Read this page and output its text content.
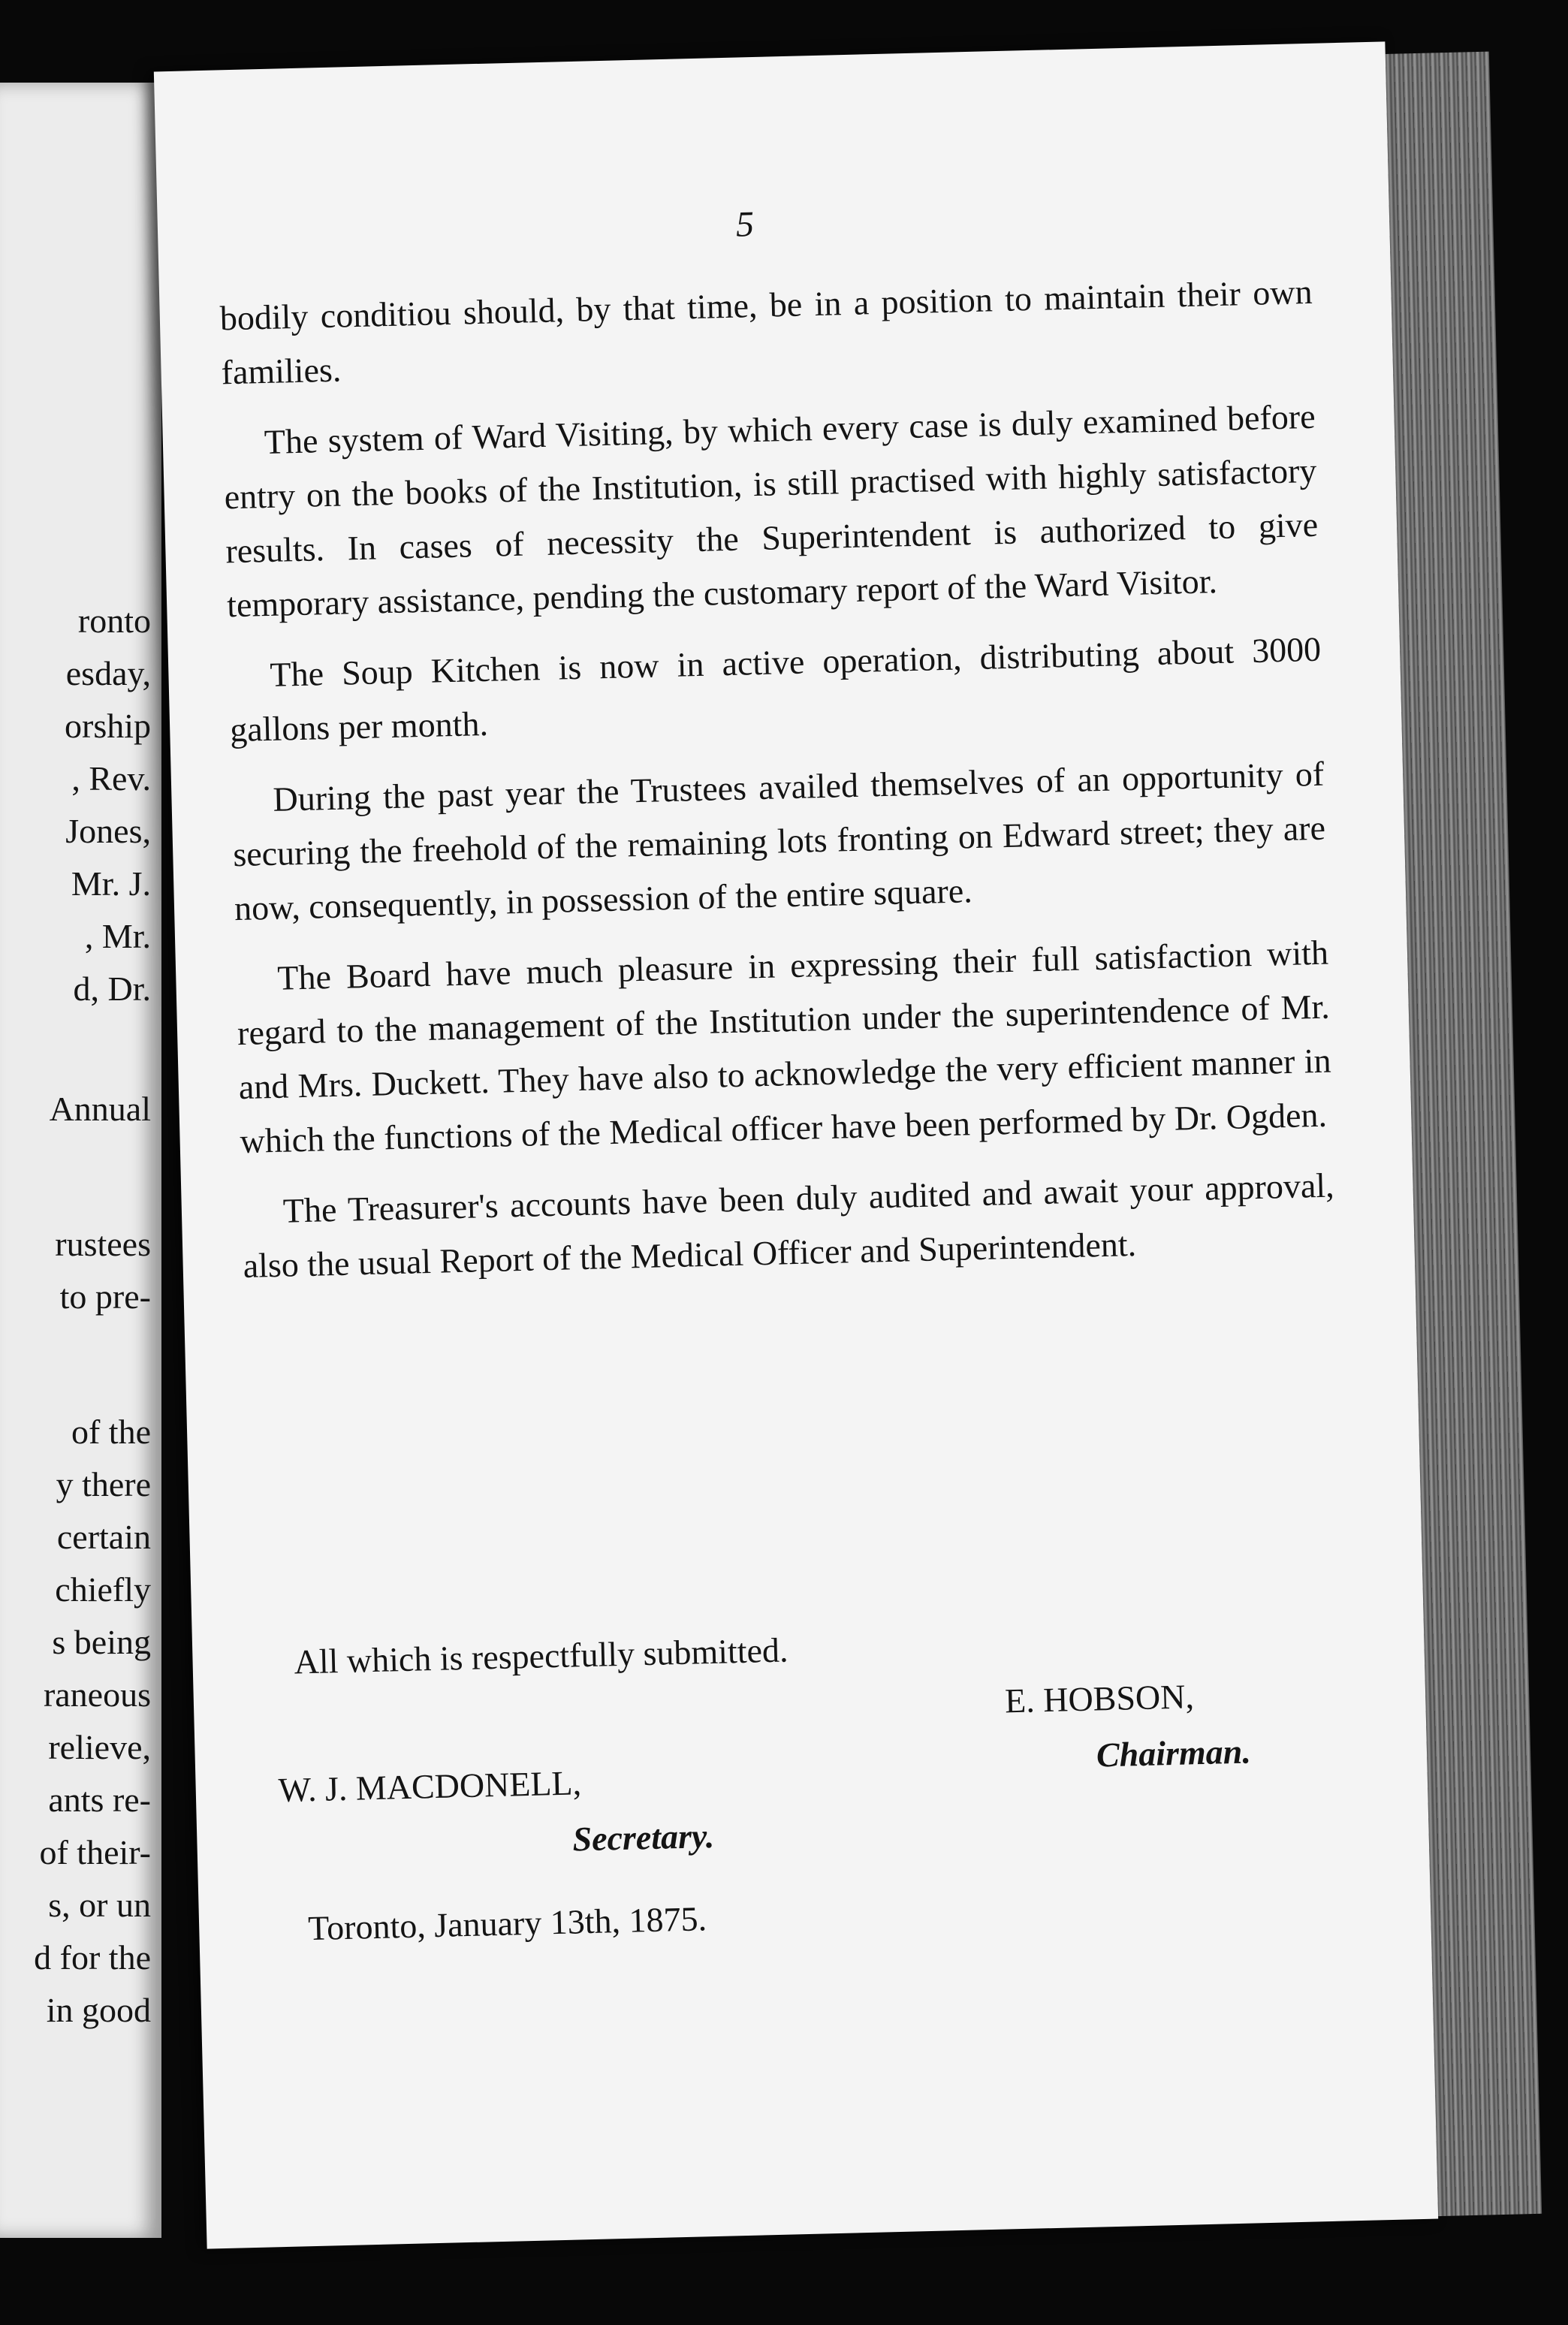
ronto

esday,

orship

, Rev.

Jones,

Mr. J.

, Mr.

d, Dr.

Annual

rustees

to pre-

of the

y there

certain

chiefly

s being

raneous

relieve,

ants re-

of their-

s, or un

d for the

in good

5

bodily conditiou should, by that time, be in a position to maintain their own families.

The system of Ward Visiting, by which every case is duly examined before entry on the books of the Institution, is still practised with highly satisfactory results. In cases of necessity the Superintendent is authorized to give temporary assistance, pending the customary report of the Ward Visitor.

The Soup Kitchen is now in active operation, distributing about 3000 gallons per month.

During the past year the Trustees availed themselves of an opportunity of securing the freehold of the remaining lots fronting on Edward street; they are now, consequently, in possession of the entire square.

The Board have much pleasure in expressing their full satisfaction with regard to the management of the Institution under the superintendence of Mr. and Mrs. Duckett. They have also to acknowledge the very efficient manner in which the functions of the Medical officer have been performed by Dr. Ogden.

The Treasurer's accounts have been duly audited and await your approval, also the usual Report of the Medical Officer and Superintendent.

All which is respectfully submitted.

E. HOBSON,

Chairman.

W. J. MACDONELL,

Secretary.

Toronto, January 13th, 1875.
